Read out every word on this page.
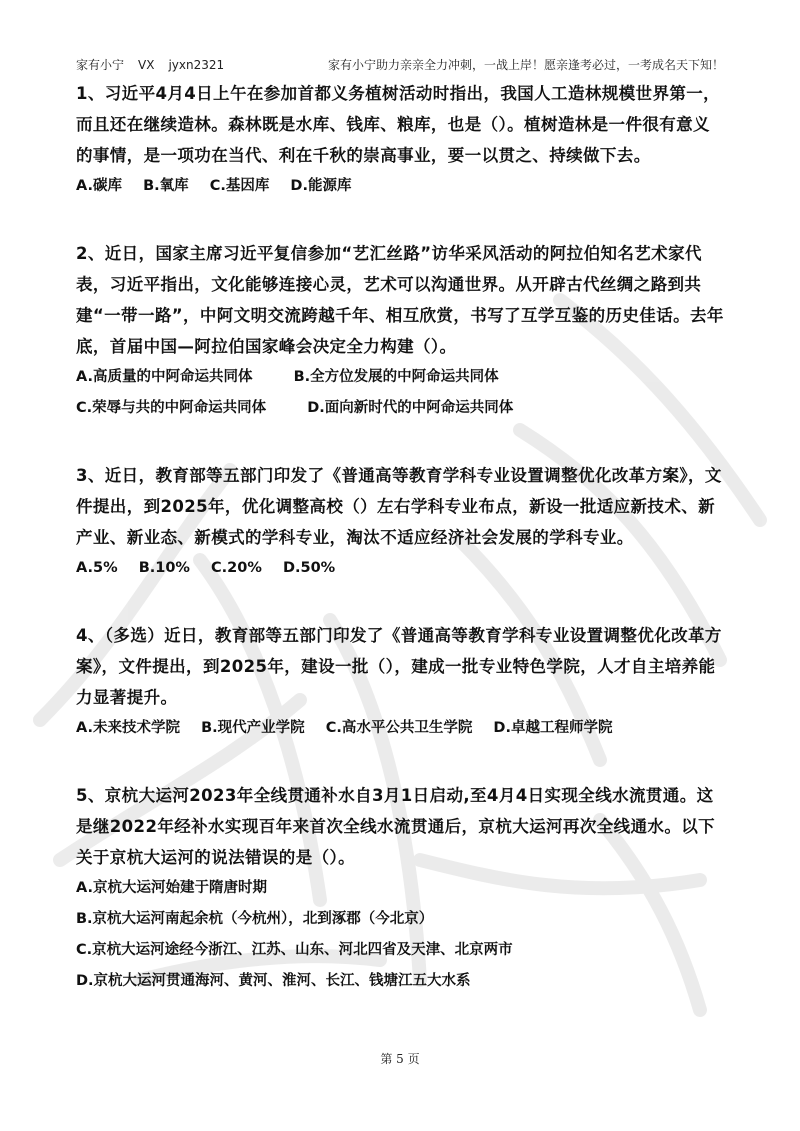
家有小宁 VX jyxn2321	家有小宁助力亲亲全力冲刺，一战上岸！愿亲逢考必过，一考成名天下知！

1、习近平4月4日上午在参加首都义务植树活动时指出，我国人工造林规模世界第一，而且还在继续造林。森林既是水库、钱库、粮库，也是（）。植树造林是一件很有意义的事情，是一项功在当代、利在千秋的崇高事业，要一以贯之、持续做下去。

A.碳库 B.氧库 C.基因库 D.能源库

2、近日，国家主席习近平复信参加“艺汇丝路”访华采风活动的阿拉伯知名艺术家代表，习近平指出，文化能够连接心灵，艺术可以沟通世界。从开辟古代丝绸之路到共建“一带一路”，中阿文明交流跨越千年、相互欣赏，书写了互学互鉴的历史佳话。去年底，首届中国—阿拉伯国家峰会决定全力构建（）。

A.高质量的中阿命运共同体	B.全方位发展的中阿命运共同体
C.荣辱与共的中阿命运共同体	D.面向新时代的中阿命运共同体

3、近日，教育部等五部门印发了《普通高等教育学科专业设置调整优化改革方案》，文件提出，到2025年，优化调整高校（）左右学科专业布点，新设一批适应新技术、新产业、新业态、新模式的学科专业，淘汰不适应经济社会发展的学科专业。

A.5% B.10% C.20% D.50%

4、（多选）近日，教育部等五部门印发了《普通高等教育学科专业设置调整优化改革方案》，文件提出，到2025年，建设一批（），建成一批专业特色学院，人才自主培养能力显著提升。

A.未来技术学院 B.现代产业学院 C.高水平公共卫生学院 D.卓越工程师学院

5、京杭大运河2023年全线贯通补水自3月1日启动,至4月4日实现全线水流贯通。这是继2022年经补水实现百年来首次全线水流贯通后，京杭大运河再次全线通水。以下关于京杭大运河的说法错误的是（）。

A.京杭大运河始建于隋唐时期
B.京杭大运河南起余杭（今杭州），北到涿郡（今北京）
C.京杭大运河途经今浙江、江苏、山东、河北四省及天津、北京两市
D.京杭大运河贯通海河、黄河、淮河、长江、钱塘江五大水系
第 5 页
